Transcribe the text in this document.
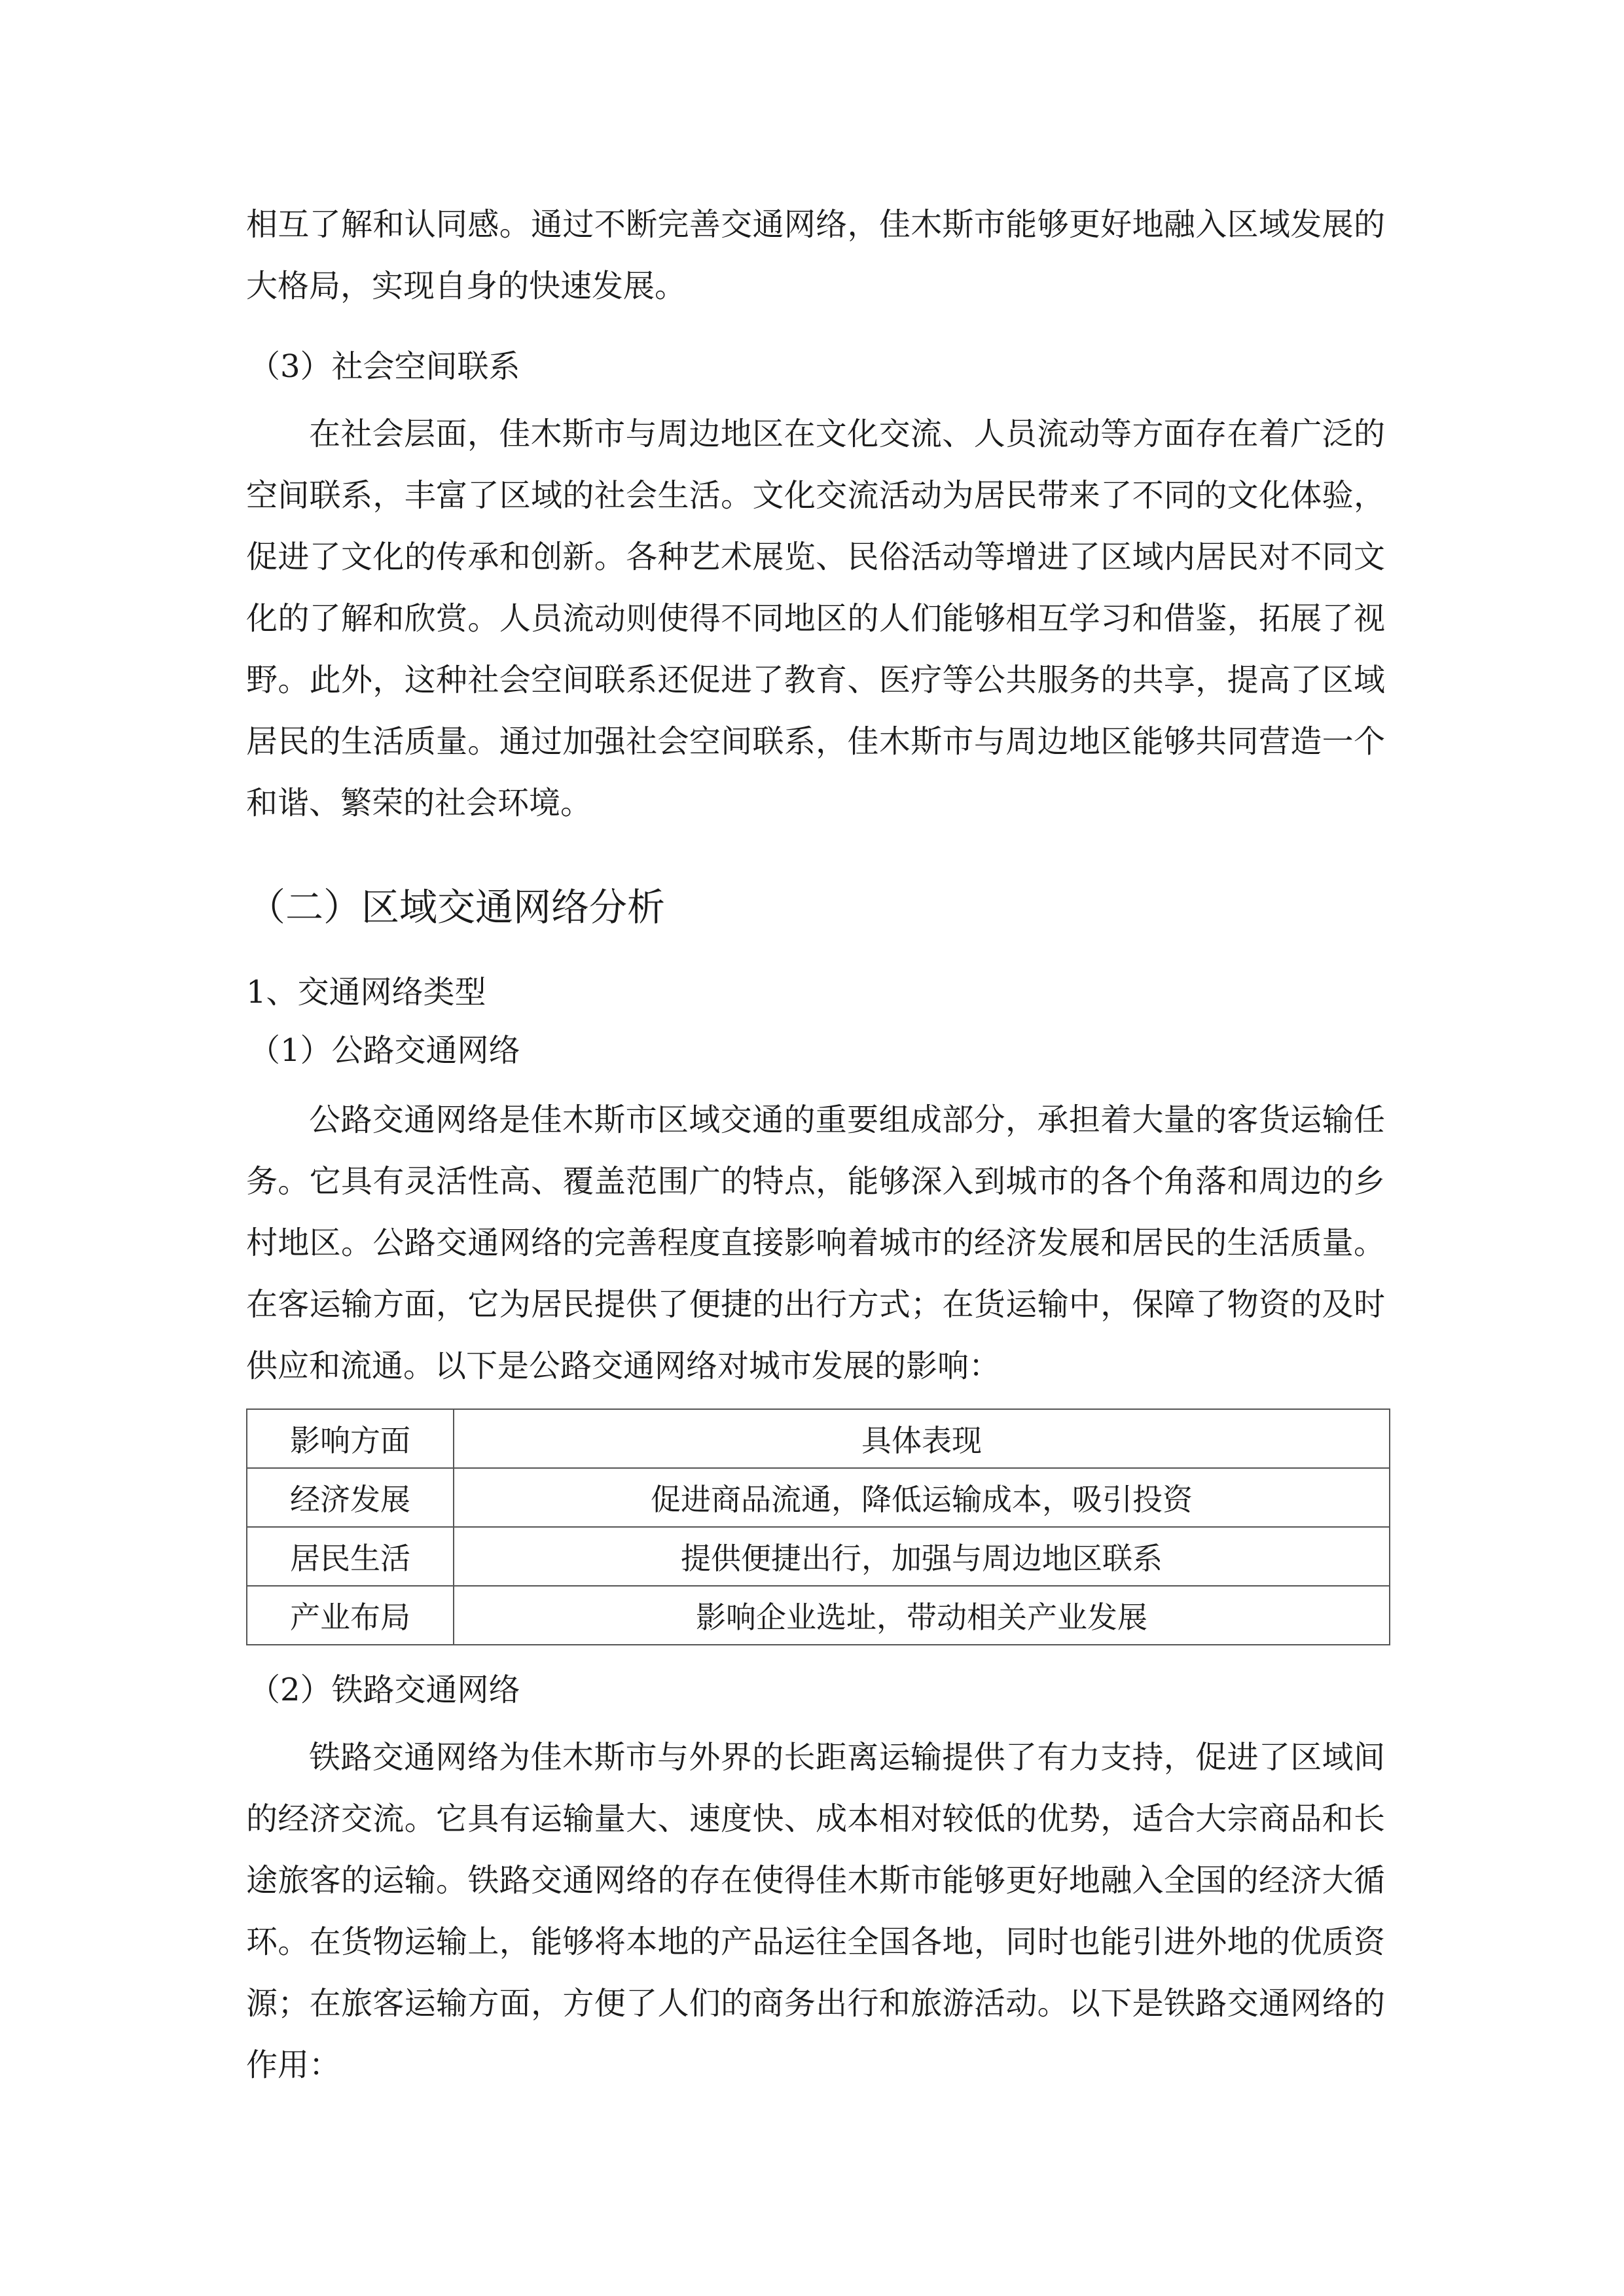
相互了解和认同感。通过不断完善交通网络，佳木斯市能够更好地融入区域发展的大格局，实现自身的快速发展。

（3）社会空间联系

在社会层面，佳木斯市与周边地区在文化交流、人员流动等方面存在着广泛的空间联系，丰富了区域的社会生活。文化交流活动为居民带来了不同的文化体验，促进了文化的传承和创新。各种艺术展览、民俗活动等增进了区域内居民对不同文化的了解和欣赏。人员流动则使得不同地区的人们能够相互学习和借鉴，拓展了视野。此外，这种社会空间联系还促进了教育、医疗等公共服务的共享，提高了区域居民的生活质量。通过加强社会空间联系，佳木斯市与周边地区能够共同营造一个和谐、繁荣的社会环境。

（二）区域交通网络分析
1、交通网络类型
（1）公路交通网络

公路交通网络是佳木斯市区域交通的重要组成部分，承担着大量的客货运输任务。它具有灵活性高、覆盖范围广的特点，能够深入到城市的各个角落和周边的乡村地区。公路交通网络的完善程度直接影响着城市的经济发展和居民的生活质量。在客运输方面，它为居民提供了便捷的出行方式；在货运输中，保障了物资的及时供应和流通。以下是公路交通网络对城市发展的影响：

影响方面	具体表现
经济发展	促进商品流通，降低运输成本，吸引投资
居民生活	提供便捷出行，加强与周边地区联系
产业布局	影响企业选址，带动相关产业发展
（2）铁路交通网络

铁路交通网络为佳木斯市与外界的长距离运输提供了有力支持，促进了区域间的经济交流。它具有运输量大、速度快、成本相对较低的优势，适合大宗商品和长途旅客的运输。铁路交通网络的存在使得佳木斯市能够更好地融入全国的经济大循环。在货物运输上，能够将本地的产品运往全国各地，同时也能引进外地的优质资源；在旅客运输方面，方便了人们的商务出行和旅游活动。以下是铁路交通网络的作用：
